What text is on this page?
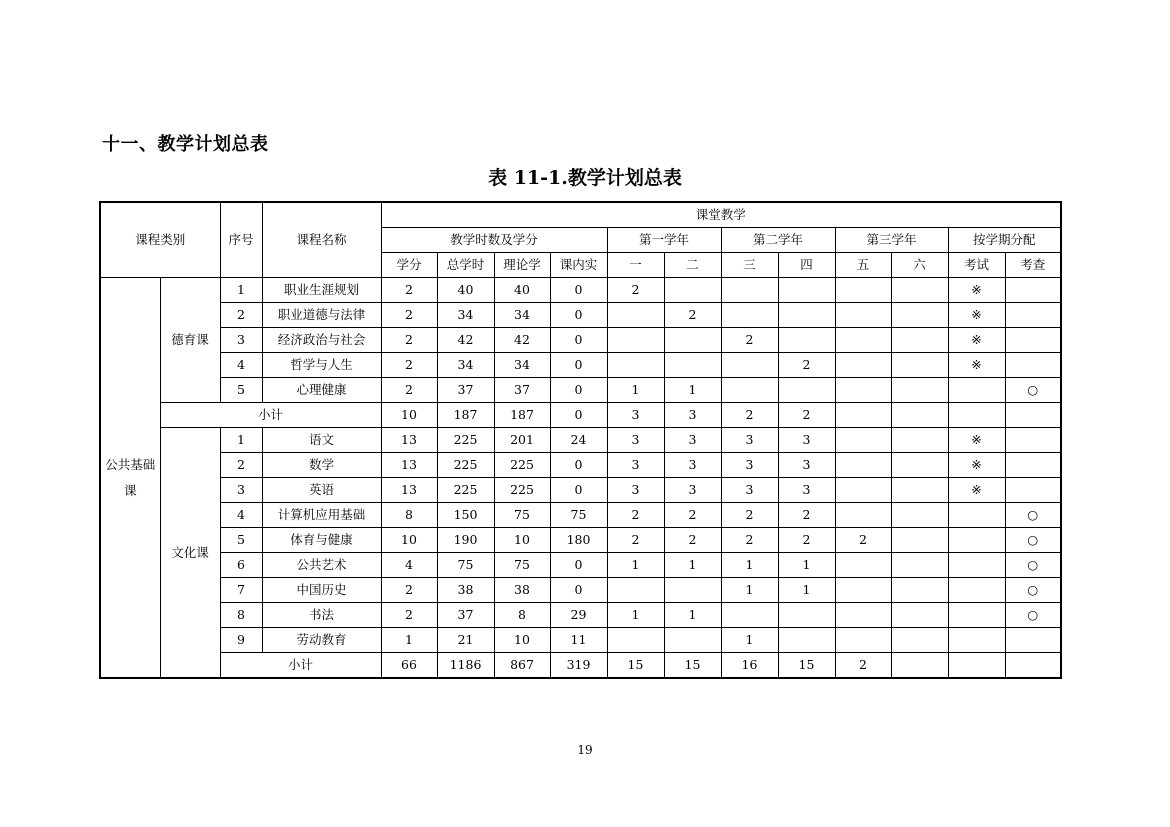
十一、教学计划总表
表 11-1.教学计划总表
课程类别		序号	课程名称	课堂教学											
				教学时数及学分				第一学年		第二学年		第三学年		按学期分配	
				学分	总学时	理论学	课内实	一	二	三	四	五	六	考试	考查
公共基础课	德育课	1	职业生涯规划	2	40	40	0	2						※	
		2	职业道德与法律	2	34	34	0		2					※	
		3	经济政治与社会	2	42	42	0			2				※	
		4	哲学与人生	2	34	34	0				2			※	
		5	心理健康	2	37	37	0	1	1						○
	小计			10	187	187	0	3	3	2	2				
	文化课	1	语文	13	225	201	24	3	3	3	3			※	
		2	数学	13	225	225	0	3	3	3	3			※	
		3	英语	13	225	225	0	3	3	3	3			※	
		4	计算机应用基础	8	150	75	75	2	2	2	2				○
		5	体育与健康	10	190	10	180	2	2	2	2	2			○
		6	公共艺术	4	75	75	0	1	1	1	1				○
		7	中国历史	2	38	38	0			1	1				○
		8	书法	2	37	8	29	1	1						○
		9	劳动教育	1	21	10	11			1					
		小计		66	1186	867	319	15	15	16	15	2			
19
